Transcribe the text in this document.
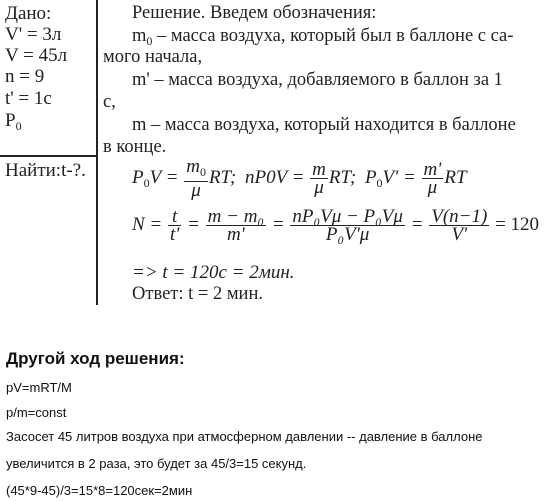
Дано:
V' = 3л
V = 45л
n = 9
t' = 1с
$P_0$
Найти:t-?.
Решение. Введем обозначения:
$m_0$ – масса воздуха, который был в баллоне с са-
мого начала,
m' – масса воздуха, добавляемого в баллон за 1
с,
m – масса воздуха, который находится в баллоне
в конце.
$P_0V = \frac{m_0}{\mu}$ RT; $nP0V = \frac{m}{\mu}$ RT; $P_0V' = \frac{m'}{\mu}$ RT
$N = \frac{t}{t'} = \frac{\text{m − m₀}}{m'} = \frac{\text{nP₀Vμ − P₀Vμ}}{\text{P₀V'μ}} = \frac{V(n-1)}{V'} = 120$
=> t = 120с = 2мин.
Ответ: t = 2 мин.
Другой ход решения:
pV=mRT/M
p/m=const
Засосет 45 литров воздуха при атмосферном давлении -- давление в баллоне
увеличится в 2 раза, это будет за 45/3=15 секунд.
(45*9-45)/3=15*8=120сек=2мин
